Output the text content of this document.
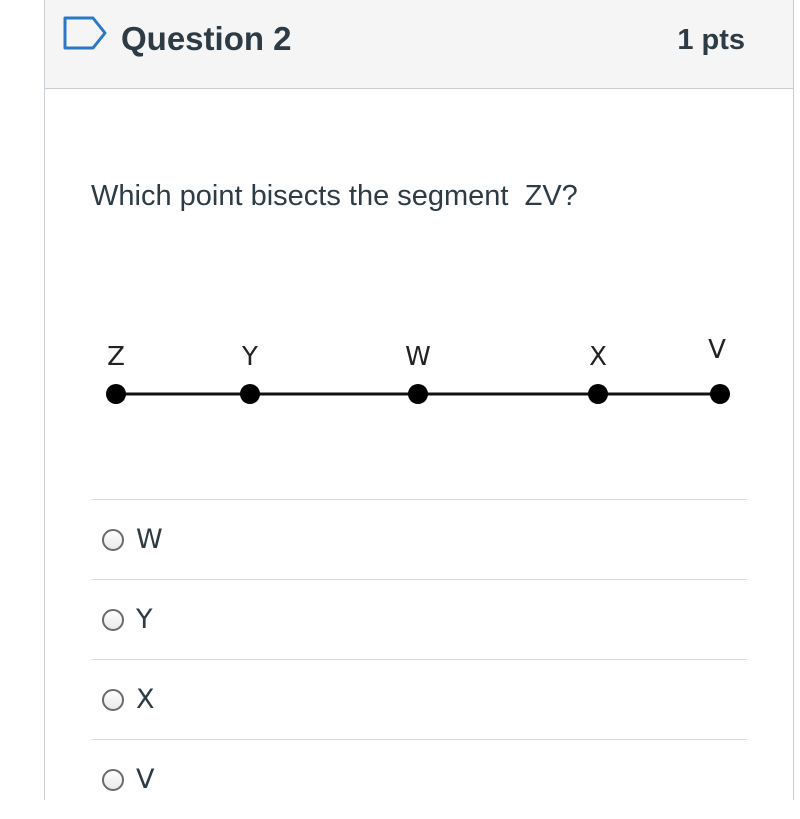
Question 2	1 pts
Which point bisects the segment  ZV?
Z	Y	W	X	V
W
Y
X
V
